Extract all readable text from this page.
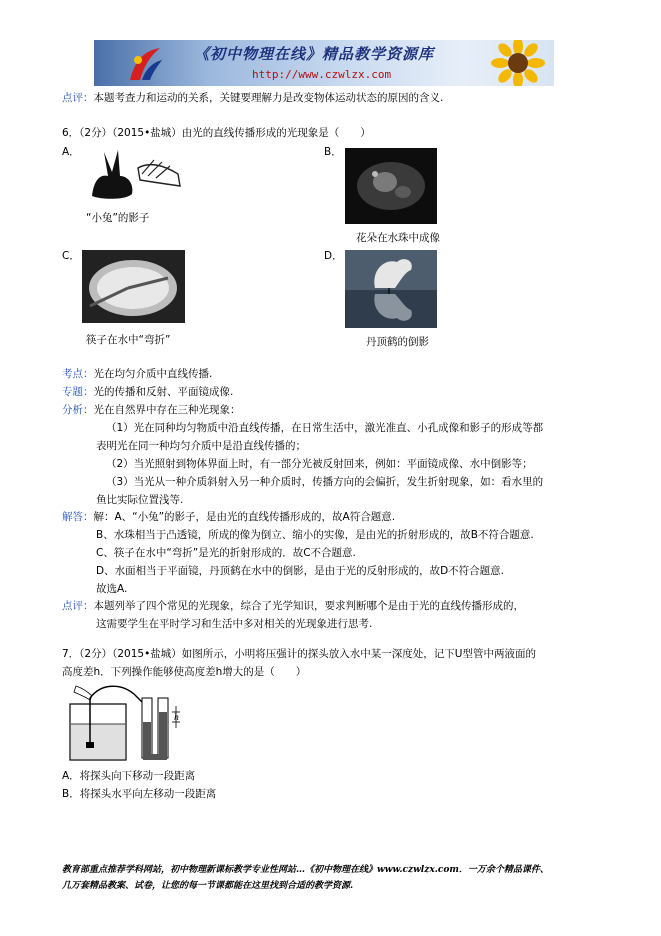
《初中物理在线》精品教学资源库
http://www.czwlzx.com
点评：本题考查力和运动的关系，关键要理解力是改变物体运动状态的原因的含义.
6．（2分）（2015•盐城）由光的直线传播形成的光现象是（　　）
A．
“小兔”的影子
B．
花朵在水珠中成像
C．
筷子在水中“弯折”
D．
丹顶鹤的倒影
考点：光在均匀介质中直线传播.
专题：光的传播和反射、平面镜成像.
分析：光在自然界中存在三种光现象：
（1）光在同种均匀物质中沿直线传播，在日常生活中，激光准直、小孔成像和影子的形成等都
表明光在同一种均匀介质中是沿直线传播的；
（2）当光照射到物体界面上时，有一部分光被反射回来，例如：平面镜成像、水中倒影等；
（3）当光从一种介质斜射入另一种介质时，传播方向的会偏折，发生折射现象，如：看水里的
鱼比实际位置浅等.
解答：解：A、“小兔”的影子，是由光的直线传播形成的，故A符合题意.
B、水珠相当于凸透镜，所成的像为倒立、缩小的实像，是由光的折射形成的，故B不符合题意.
C、筷子在水中“弯折”是光的折射形成的．故C不合题意.
D、水面相当于平面镜，丹顶鹤在水中的倒影，是由于光的反射形成的，故D不符合题意.
故选A.
点评：本题列举了四个常见的光现象，综合了光学知识，要求判断哪个是由于光的直线传播形成的，
这需要学生在平时学习和生活中多对相关的光现象进行思考.
7．（2分）（2015•盐城）如图所示，小明将压强计的探头放入水中某一深度处，记下U型管中两液面的
高度差h．下列操作能够使高度差h增大的是（　　）
h
A．将探头向下移动一段距离
B．将探头水平向左移动一段距离
教育部重点推荐学科网站，初中物理新课标教学专业性网站…《初中物理在线》www.czwlzx.com．一万余个精品课件、
几万套精品教案、试卷，让您的每一节课都能在这里找到合适的教学资源.
